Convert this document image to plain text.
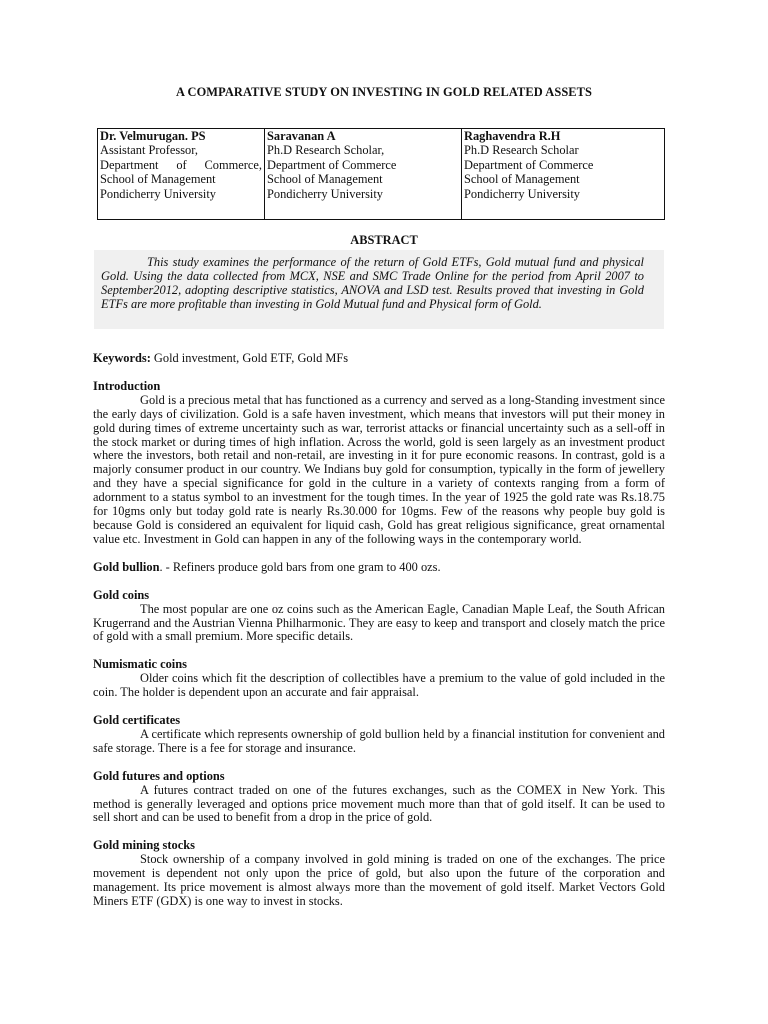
A COMPARATIVE STUDY ON INVESTING IN GOLD RELATED ASSETS
Dr. Velmurugan. PS
Assistant Professor,
Department of Commerce,
School of Management
Pondicherry University

Saravanan A
Ph.D Research Scholar,
Department of Commerce
School of Management
Pondicherry University

Raghavendra R.H
Ph.D Research Scholar
Department of Commerce
School of Management
Pondicherry University
ABSTRACT
This study examines the performance of the return of Gold ETFs, Gold mutual fund and physical Gold. Using the data collected from MCX, NSE and SMC Trade Online for the period from April 2007 to September2012, adopting descriptive statistics, ANOVA and LSD test. Results proved that investing in Gold ETFs are more profitable than investing in Gold Mutual fund and Physical form of Gold.

Keywords: Gold investment, Gold ETF, Gold MFs

Introduction

Gold is a precious metal that has functioned as a currency and served as a long-Standing investment since the early days of civilization. Gold is a safe haven investment, which means that investors will put their money in gold during times of extreme uncertainty such as war, terrorist attacks or financial uncertainty such as a sell-off in the stock market or during times of high inflation. Across the world, gold is seen largely as an investment product where the investors, both retail and non-retail, are investing in it for pure economic reasons. In contrast, gold is a majorly consumer product in our country. We Indians buy gold for consumption, typically in the form of jewellery and they have a special significance for gold in the culture in a variety of contexts ranging from a form of adornment to a status symbol to an investment for the tough times. In the year of 1925 the gold rate was Rs.18.75 for 10gms only but today gold rate is nearly Rs.30.000 for 10gms. Few of the reasons why people buy gold is because Gold is considered an equivalent for liquid cash, Gold has great religious significance, great ornamental value etc. Investment in Gold can happen in any of the following ways in the contemporary world.

Gold bullion. - Refiners produce gold bars from one gram to 400 ozs.

Gold coins

The most popular are one oz coins such as the American Eagle, Canadian Maple Leaf, the South African Krugerrand and the Austrian Vienna Philharmonic. They are easy to keep and transport and closely match the price of gold with a small premium. More specific details.

Numismatic coins

Older coins which fit the description of collectibles have a premium to the value of gold included in the coin. The holder is dependent upon an accurate and fair appraisal.

Gold certificates

A certificate which represents ownership of gold bullion held by a financial institution for convenient and safe storage. There is a fee for storage and insurance.

Gold futures and options

A futures contract traded on one of the futures exchanges, such as the COMEX in New York. This method is generally leveraged and options price movement much more than that of gold itself. It can be used to sell short and can be used to benefit from a drop in the price of gold.

Gold mining stocks

Stock ownership of a company involved in gold mining is traded on one of the exchanges. The price movement is dependent not only upon the price of gold, but also upon the future of the corporation and management. Its price movement is almost always more than the movement of gold itself. Market Vectors Gold Miners ETF (GDX) is one way to invest in stocks.
